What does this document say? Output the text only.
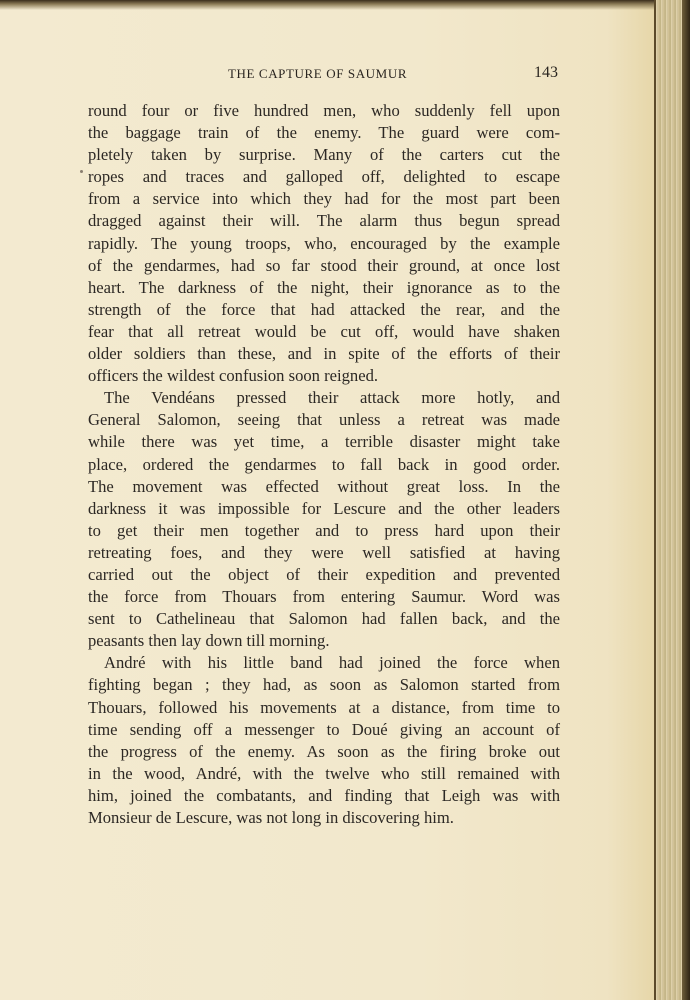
THE CAPTURE OF SAUMUR	143
round four or five hundred men, who suddenly fell upon
the baggage train of the enemy. The guard were com-
pletely taken by surprise. Many of the carters cut the
ropes and traces and galloped off, delighted to escape
from a service into which they had for the most part been
dragged against their will. The alarm thus begun spread
rapidly. The young troops, who, encouraged by the example
of the gendarmes, had so far stood their ground, at once lost
heart. The darkness of the night, their ignorance as to the
strength of the force that had attacked the rear, and the
fear that all retreat would be cut off, would have shaken
older soldiers than these, and in spite of the efforts of their
officers the wildest confusion soon reigned.
The Vendéans pressed their attack more hotly, and
General Salomon, seeing that unless a retreat was made
while there was yet time, a terrible disaster might take
place, ordered the gendarmes to fall back in good order.
The movement was effected without great loss. In the
darkness it was impossible for Lescure and the other leaders
to get their men together and to press hard upon their
retreating foes, and they were well satisfied at having
carried out the object of their expedition and prevented
the force from Thouars from entering Saumur. Word was
sent to Cathelineau that Salomon had fallen back, and the
peasants then lay down till morning.
André with his little band had joined the force when
fighting began ; they had, as soon as Salomon started from
Thouars, followed his movements at a distance, from time to
time sending off a messenger to Doué giving an account of
the progress of the enemy. As soon as the firing broke out
in the wood, André, with the twelve who still remained with
him, joined the combatants, and finding that Leigh was with
Monsieur de Lescure, was not long in discovering him.
